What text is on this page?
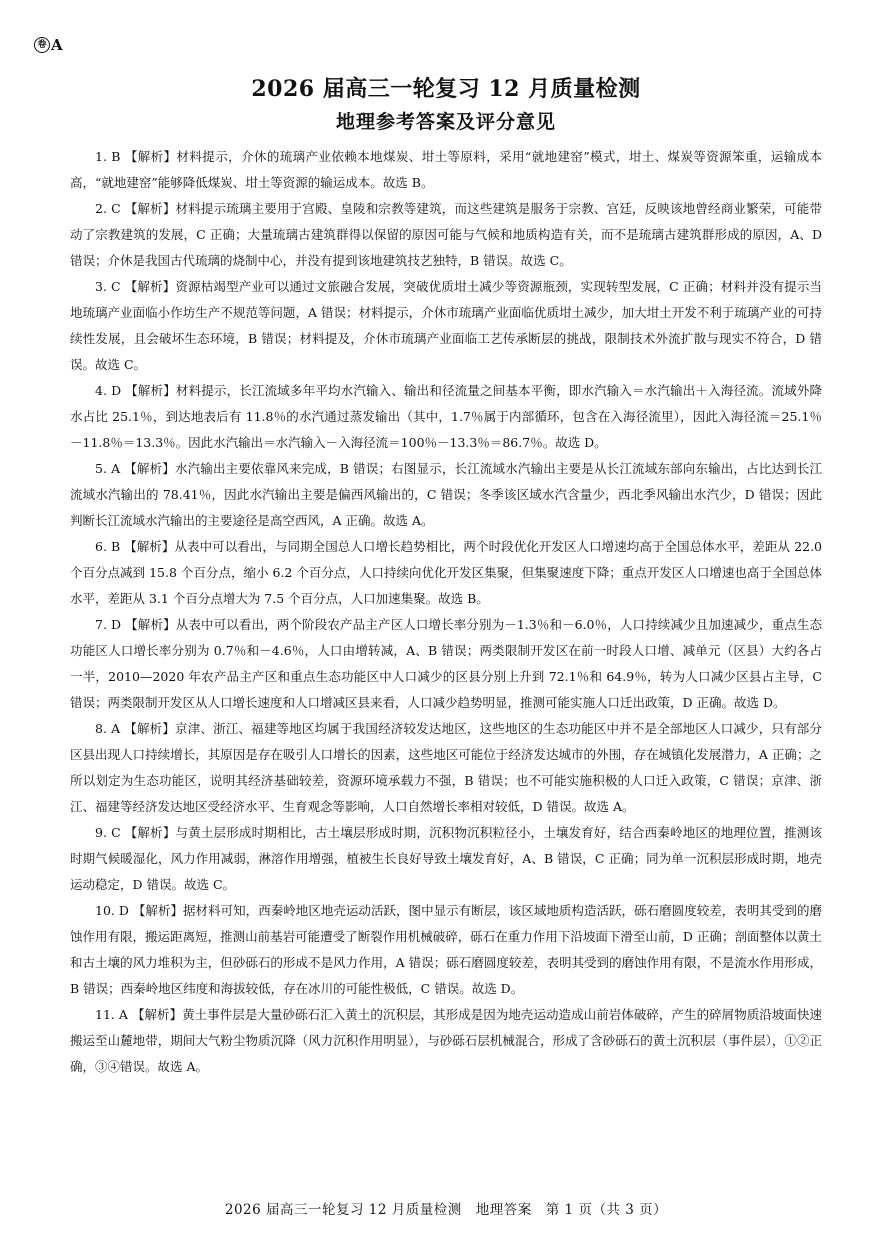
卷 A
2026 届高三一轮复习 12 月质量检测
地理参考答案及评分意见

1. B 【解析】材料提示，介休的琉璃产业依赖本地煤炭、坩土等原料，采用“就地建窑”模式，坩土、煤炭等资源笨重，运输成本高，“就地建窑”能够降低煤炭、坩土等资源的输运成本。故选 B。

2. C 【解析】材料提示琉璃主要用于宫殿、皇陵和宗教等建筑，而这些建筑是服务于宗教、宫廷，反映该地曾经商业繁荣，可能带动了宗教建筑的发展，C 正确；大量琉璃古建筑群得以保留的原因可能与气候和地质构造有关，而不是琉璃古建筑群形成的原因，A、D 错误；介休是我国古代琉璃的烧制中心，并没有提到该地建筑技艺独特，B 错误。故选 C。

3. C 【解析】资源枯竭型产业可以通过文旅融合发展，突破优质坩土减少等资源瓶颈，实现转型发展，C 正确；材料并没有提示当地琉璃产业面临小作坊生产不规范等问题，A 错误；材料提示，介休市琉璃产业面临优质坩土减少，加大坩土开发不利于琉璃产业的可持续性发展，且会破坏生态环境，B 错误；材料提及，介休市琉璃产业面临工艺传承断层的挑战，限制技术外流扩散与现实不符合，D 错误。故选 C。

4. D 【解析】材料提示，长江流域多年平均水汽输入、输出和径流量之间基本平衡，即水汽输入＝水汽输出＋入海径流。流域外降水占比 25.1％，到达地表后有 11.8％的水汽通过蒸发输出（其中，1.7％属于内部循环，包含在入海径流里），因此入海径流＝25.1％－11.8％＝13.3％。因此水汽输出＝水汽输入－入海径流＝100％－13.3％＝86.7％。故选 D。

5. A 【解析】水汽输出主要依靠风来完成，B 错误；右图显示，长江流域水汽输出主要是从长江流域东部向东输出，占比达到长江流域水汽输出的 78.41％，因此水汽输出主要是偏西风输出的，C 错误；冬季该区域水汽含量少，西北季风输出水汽少，D 错误；因此判断长江流域水汽输出的主要途径是高空西风，A 正确。故选 A。

6. B 【解析】从表中可以看出，与同期全国总人口增长趋势相比，两个时段优化开发区人口增速均高于全国总体水平，差距从 22.0 个百分点减到 15.8 个百分点，缩小 6.2 个百分点，人口持续向优化开发区集聚，但集聚速度下降；重点开发区人口增速也高于全国总体水平，差距从 3.1 个百分点增大为 7.5 个百分点，人口加速集聚。故选 B。

7. D 【解析】从表中可以看出，两个阶段农产品主产区人口增长率分别为－1.3％和－6.0％，人口持续减少且加速减少，重点生态功能区人口增长率分别为 0.7％和－4.6％，人口由增转减，A、B 错误；两类限制开发区在前一时段人口增、减单元（区县）大约各占一半，2010—2020 年农产品主产区和重点生态功能区中人口减少的区县分别上升到 72.1％和 64.9％，转为人口减少区县占主导，C 错误；两类限制开发区从人口增长速度和人口增减区县来看，人口减少趋势明显，推测可能实施人口迁出政策，D 正确。故选 D。

8. A 【解析】京津、浙江、福建等地区均属于我国经济较发达地区，这些地区的生态功能区中并不是全部地区人口减少，只有部分区县出现人口持续增长，其原因是存在吸引人口增长的因素，这些地区可能位于经济发达城市的外围，存在城镇化发展潜力，A 正确；之所以划定为生态功能区，说明其经济基础较差，资源环境承载力不强，B 错误；也不可能实施积极的人口迁入政策，C 错误；京津、浙江、福建等经济发达地区受经济水平、生育观念等影响，人口自然增长率相对较低，D 错误。故选 A。

9. C 【解析】与黄土层形成时期相比，古土壤层形成时期，沉积物沉积粒径小，土壤发育好，结合西秦岭地区的地理位置，推测该时期气候暖湿化，风力作用减弱，淋溶作用增强，植被生长良好导致土壤发育好，A、B 错误，C 正确；同为单一沉积层形成时期，地壳运动稳定，D 错误。故选 C。

10. D 【解析】据材料可知，西秦岭地区地壳运动活跃，图中显示有断层，该区域地质构造活跃，砾石磨圆度较差，表明其受到的磨蚀作用有限，搬运距离短，推测山前基岩可能遭受了断裂作用机械破碎，砾石在重力作用下沿坡面下滑至山前，D 正确；剖面整体以黄土和古土壤的风力堆积为主，但砂砾石的形成不是风力作用，A 错误；砾石磨圆度较差，表明其受到的磨蚀作用有限，不是流水作用形成，B 错误；西秦岭地区纬度和海拔较低，存在冰川的可能性极低，C 错误。故选 D。

11. A 【解析】黄土事件层是大量砂砾石汇入黄土的沉积层，其形成是因为地壳运动造成山前岩体破碎，产生的碎屑物质沿坡面快速搬运至山麓地带，期间大气粉尘物质沉降（风力沉积作用明显），与砂砾石层机械混合，形成了含砂砾石的黄土沉积层（事件层），①②正确，③④错误。故选 A。

2026 届高三一轮复习 12 月质量检测　地理答案　第 1 页（共 3 页）
